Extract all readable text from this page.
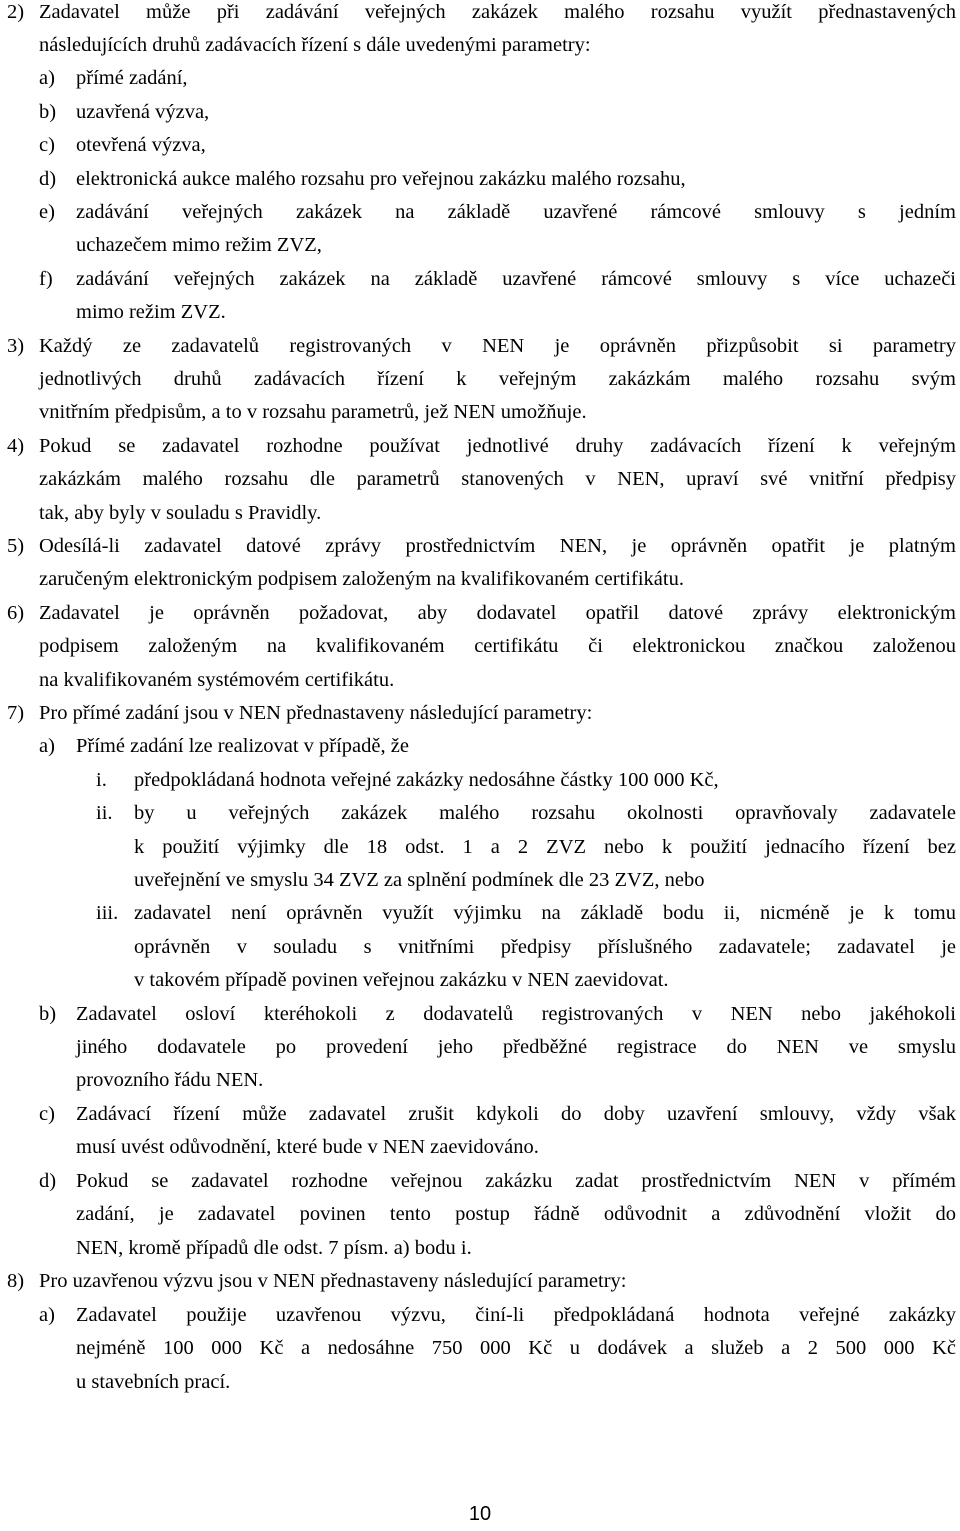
2) Zadavatel může při zadávání veřejných zakázek malého rozsahu využít přednastavených
následujících druhů zadávacích řízení s dále uvedenými parametry:
a) přímé zadání,
b) uzavřená výzva,
c) otevřená výzva,
d) elektronická aukce malého rozsahu pro veřejnou zakázku malého rozsahu,
e) zadávání veřejných zakázek na základě uzavřené rámcové smlouvy s jedním
uchazečem mimo režim ZVZ,
f) zadávání veřejných zakázek na základě uzavřené rámcové smlouvy s více uchazeči
mimo režim ZVZ.
3) Každý ze zadavatelů registrovaných v NEN je oprávněn přizpůsobit si parametry
jednotlivých druhů zadávacích řízení k veřejným zakázkám malého rozsahu svým
vnitřním předpisům, a to v rozsahu parametrů, jež NEN umožňuje.
4) Pokud se zadavatel rozhodne používat jednotlivé druhy zadávacích řízení k veřejným
zakázkám malého rozsahu dle parametrů stanovených v NEN, upraví své vnitřní předpisy
tak, aby byly v souladu s Pravidly.
5) Odesílá-li zadavatel datové zprávy prostřednictvím NEN, je oprávněn opatřit je platným
zaručeným elektronickým podpisem založeným na kvalifikovaném certifikátu.
6) Zadavatel je oprávněn požadovat, aby dodavatel opatřil datové zprávy elektronickým
podpisem založeným na kvalifikovaném certifikátu či elektronickou značkou založenou
na kvalifikovaném systémovém certifikátu.
7) Pro přímé zadání jsou v NEN přednastaveny následující parametry:
a) Přímé zadání lze realizovat v případě, že
i. předpokládaná hodnota veřejné zakázky nedosáhne částky 100 000 Kč,
ii. by u veřejných zakázek malého rozsahu okolnosti opravňovaly zadavatele
k použití výjimky dle 18 odst. 1 a 2 ZVZ nebo k použití jednacího řízení bez
uveřejnění ve smyslu 34 ZVZ za splnění podmínek dle 23 ZVZ, nebo
iii. zadavatel není oprávněn využít výjimku na základě bodu ii, nicméně je k tomu
oprávněn v souladu s vnitřními předpisy příslušného zadavatele; zadavatel je
v takovém případě povinen veřejnou zakázku v NEN zaevidovat.
b) Zadavatel osloví kteréhokoli z dodavatelů registrovaných v NEN nebo jakéhokoli
jiného dodavatele po provedení jeho předběžné registrace do NEN ve smyslu
provozního řádu NEN.
c) Zadávací řízení může zadavatel zrušit kdykoli do doby uzavření smlouvy, vždy však
musí uvést odůvodnění, které bude v NEN zaevidováno.
d) Pokud se zadavatel rozhodne veřejnou zakázku zadat prostřednictvím NEN v přímém
zadání, je zadavatel povinen tento postup řádně odůvodnit a zdůvodnění vložit do
NEN, kromě případů dle odst. 7 písm. a) bodu i.
8) Pro uzavřenou výzvu jsou v NEN přednastaveny následující parametry:
a) Zadavatel použije uzavřenou výzvu, činí-li předpokládaná hodnota veřejné zakázky
nejméně 100 000 Kč a nedosáhne 750 000 Kč u dodávek a služeb a 2 500 000 Kč
u stavebních prací.
10
